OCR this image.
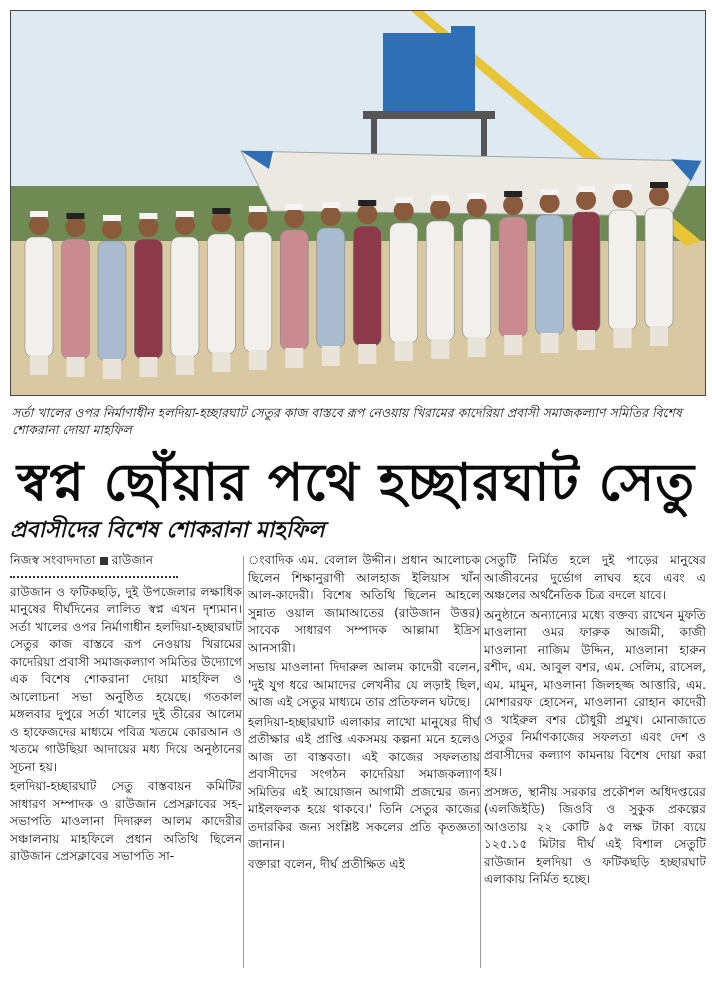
সর্তা খালের ওপর নির্মাণাধীন হলদিয়া-হচ্ছারঘাট সেতুর কাজ বাস্তবে রূপ নেওয়ায় খিরামের কাদেরিয়া প্রবাসী সমাজকল্যাণ সমিতির বিশেষ শোকরানা দোয়া মাহফিল
স্বপ্ন ছোঁয়ার পথে হচ্ছারঘাট সেতু
প্রবাসীদের বিশেষ শোকরানা মাহফিল
নিজস্ব সংবাদদাতা রাউজান

রাউজান ও ফটিকছড়ি, দুই উপজেলার লক্ষাধিক মানুষের দীর্ঘদিনের লালিত স্বপ্ন এখন দৃশ্যমান। সর্তা খালের ওপর নির্মাণাধীন হলদিয়া-হচ্ছারঘাট সেতুর কাজ বাস্তবে রূপ নেওয়ায় খিরামের কাদেরিয়া প্রবাসী সমাজকল্যাণ সমিতির উদ্যোগে এক বিশেষ শোকরানা দোয়া মাহফিল ও আলোচনা সভা অনুষ্ঠিত হয়েছে। গতকাল মঙ্গলবার দুপুরে সর্তা খালের দুই তীরের আলেম ও হাফেজদের মাধ্যমে পবিত্র খতমে কোরআন ও খতমে গাউছিয়া আদায়ের মধ্য দিয়ে অনুষ্ঠানের সূচনা হয়।

হলদিয়া-হচ্ছারঘাট সেতু বাস্তবায়ন কমিটির সাধারণ সম্পাদক ও রাউজান প্রেসক্লাবের সহ-সভাপতি মাওলানা দিদারুল আলম কাদেরীর সঞ্চালনায় মাহফিলে প্রধান অতিথি ছিলেন রাউজান প্রেসক্লাবের সভাপতি সা-

ংবাদিক এম. বেলাল উদ্দীন। প্রধান আলোচক ছিলেন শিক্ষানুরাগী আলহাজ ইলিয়াস খাঁন আল-কাদেরী। বিশেষ অতিথি ছিলেন আহলে সুন্নাত ওয়াল জামাআতের (রাউজান উত্তর) সাবেক সাধারণ সম্পাদক আল্লামা ইদ্রিস আনসারী।

সভায় মাওলানা দিদারুল আলম কাদেরী বলেন, 'দুই যুগ ধরে আমাদের লেখনীর যে লড়াই ছিল, আজ এই সেতুর মাধ্যমে তার প্রতিফলন ঘটছে।

হলদিয়া-হচ্ছারঘাট এলাকার লাখো মানুষের দীর্ঘ প্রতীক্ষার এই প্রাপ্তি একসময় কল্পনা মনে হলেও আজ তা বাস্তবতা। এই কাজের সফলতায় প্রবাসীদের সংগঠন কাদেরিয়া সমাজকল্যাণ সমিতির এই আয়োজন আগামী প্রজন্মের জন্য মাইলফলক হয়ে থাকবে।' তিনি সেতুর কাজের তদারকির জন্য সংশ্লিষ্ট সকলের প্রতি কৃতজ্ঞতা জানান।

বক্তারা বলেন, দীর্ঘ প্রতীক্ষিত এই

সেতুটি নির্মিত হলে দুই পাড়ের মানুষের আজীবনের দুর্ভোগ লাঘব হবে এবং এ অঞ্চলের অর্থনৈতিক চিত্র বদলে যাবে।

অনুষ্ঠানে অন্যান্যের মধ্যে বক্তব্য রাখেন মুফতি মাওলানা ওমর ফারুক আজমী, কাজী মাওলানা নাজিম উদ্দিন, মাওলানা হারুন রশীদ, এম. আবুল বশর, এম. সেলিম, রাসেল, এম. মামুন, মাওলানা জিলহজ্জ আত্তারি, এম. মোশাররফ হোসেন, মাওলানা রোহান কাদেরী ও খাইরুল বশর চৌধুরী প্রমুখ। মোনাজাতে সেতুর নির্মাণকাজের সফলতা এবং দেশ ও প্রবাসীদের কল্যাণ কামনায় বিশেষ দোয়া করা হয়।

প্রসঙ্গত, স্থানীয় সরকার প্রকৌশল অধিদপ্তরের (এলজিইডি) জিওবি ও সুকুক প্রকল্পের আওতায় ২২ কোটি ৯৫ লক্ষ টাকা ব্যয়ে ১২৫.১৫ মিটার দীর্ঘ এই বিশাল সেতুটি রাউজান হলদিয়া ও ফটিকছড়ি হচ্ছারঘাট এলাকায় নির্মিত হচ্ছে।
